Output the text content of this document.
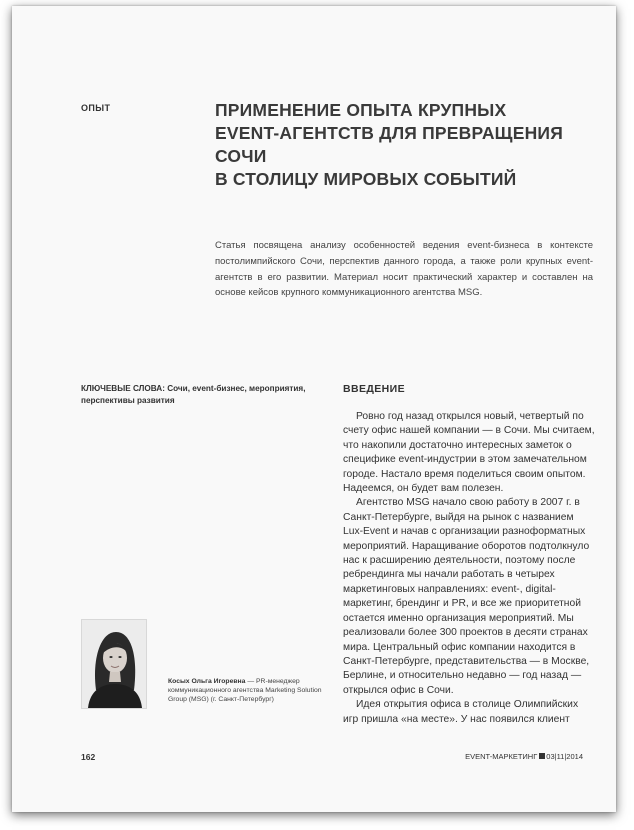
ОПЫТ	ПРИМЕНЕНИЕ ОПЫТА КРУПНЫХ
EVENT-АГЕНТСТВ ДЛЯ ПРЕВРАЩЕНИЯ СОЧИ
В СТОЛИЦУ МИРОВЫХ СОБЫТИЙ
Статья посвящена анализу особенностей ведения event-бизнеса в контексте постолимпийского Сочи, перспектив данного города, а также роли крупных event-агентств в его развитии. Материал носит практический характер и составлен на основе кейсов крупного коммуникационного агентства MSG.
КЛЮЧЕВЫЕ СЛОВА: Сочи, event-бизнес, мероприятия, перспективы развития
Косых Ольга Игоревна — PR-менеджер коммуникационного агентства Marketing Solution Group (MSG) (г. Санкт-Петербург)
ВВЕДЕНИЕ

Ровно год назад открылся новый, четвертый по счету офис нашей компании — в Сочи. Мы считаем, что накопили достаточно интересных заметок о специфике event-индустрии в этом замечательном городе. Настало время поделиться своим опытом. Надеемся, он будет вам полезен.

Агентство MSG начало свою работу в 2007 г. в Санкт-Петербурге, выйдя на рынок с названием Lux-Event и начав с организации разноформатных мероприятий. Наращивание оборотов подтолкнуло нас к расширению деятельности, поэтому после ребрендинга мы начали работать в четырех маркетинговых направлениях: event-, digital-маркетинг, брендинг и PR, и все же приоритетной остается именно организация мероприятий. Мы реализовали более 300 проектов в десяти странах мира. Центральный офис компании находится в Санкт-Петербурге, представительства — в Москве, Берлине, и относительно недавно — год назад — открылся офис в Сочи.

Идея открытия офиса в столице Олимпийских игр пришла «на месте». У нас появился клиент

162	EVENT-МАРКЕТИНГ 03|11|2014
